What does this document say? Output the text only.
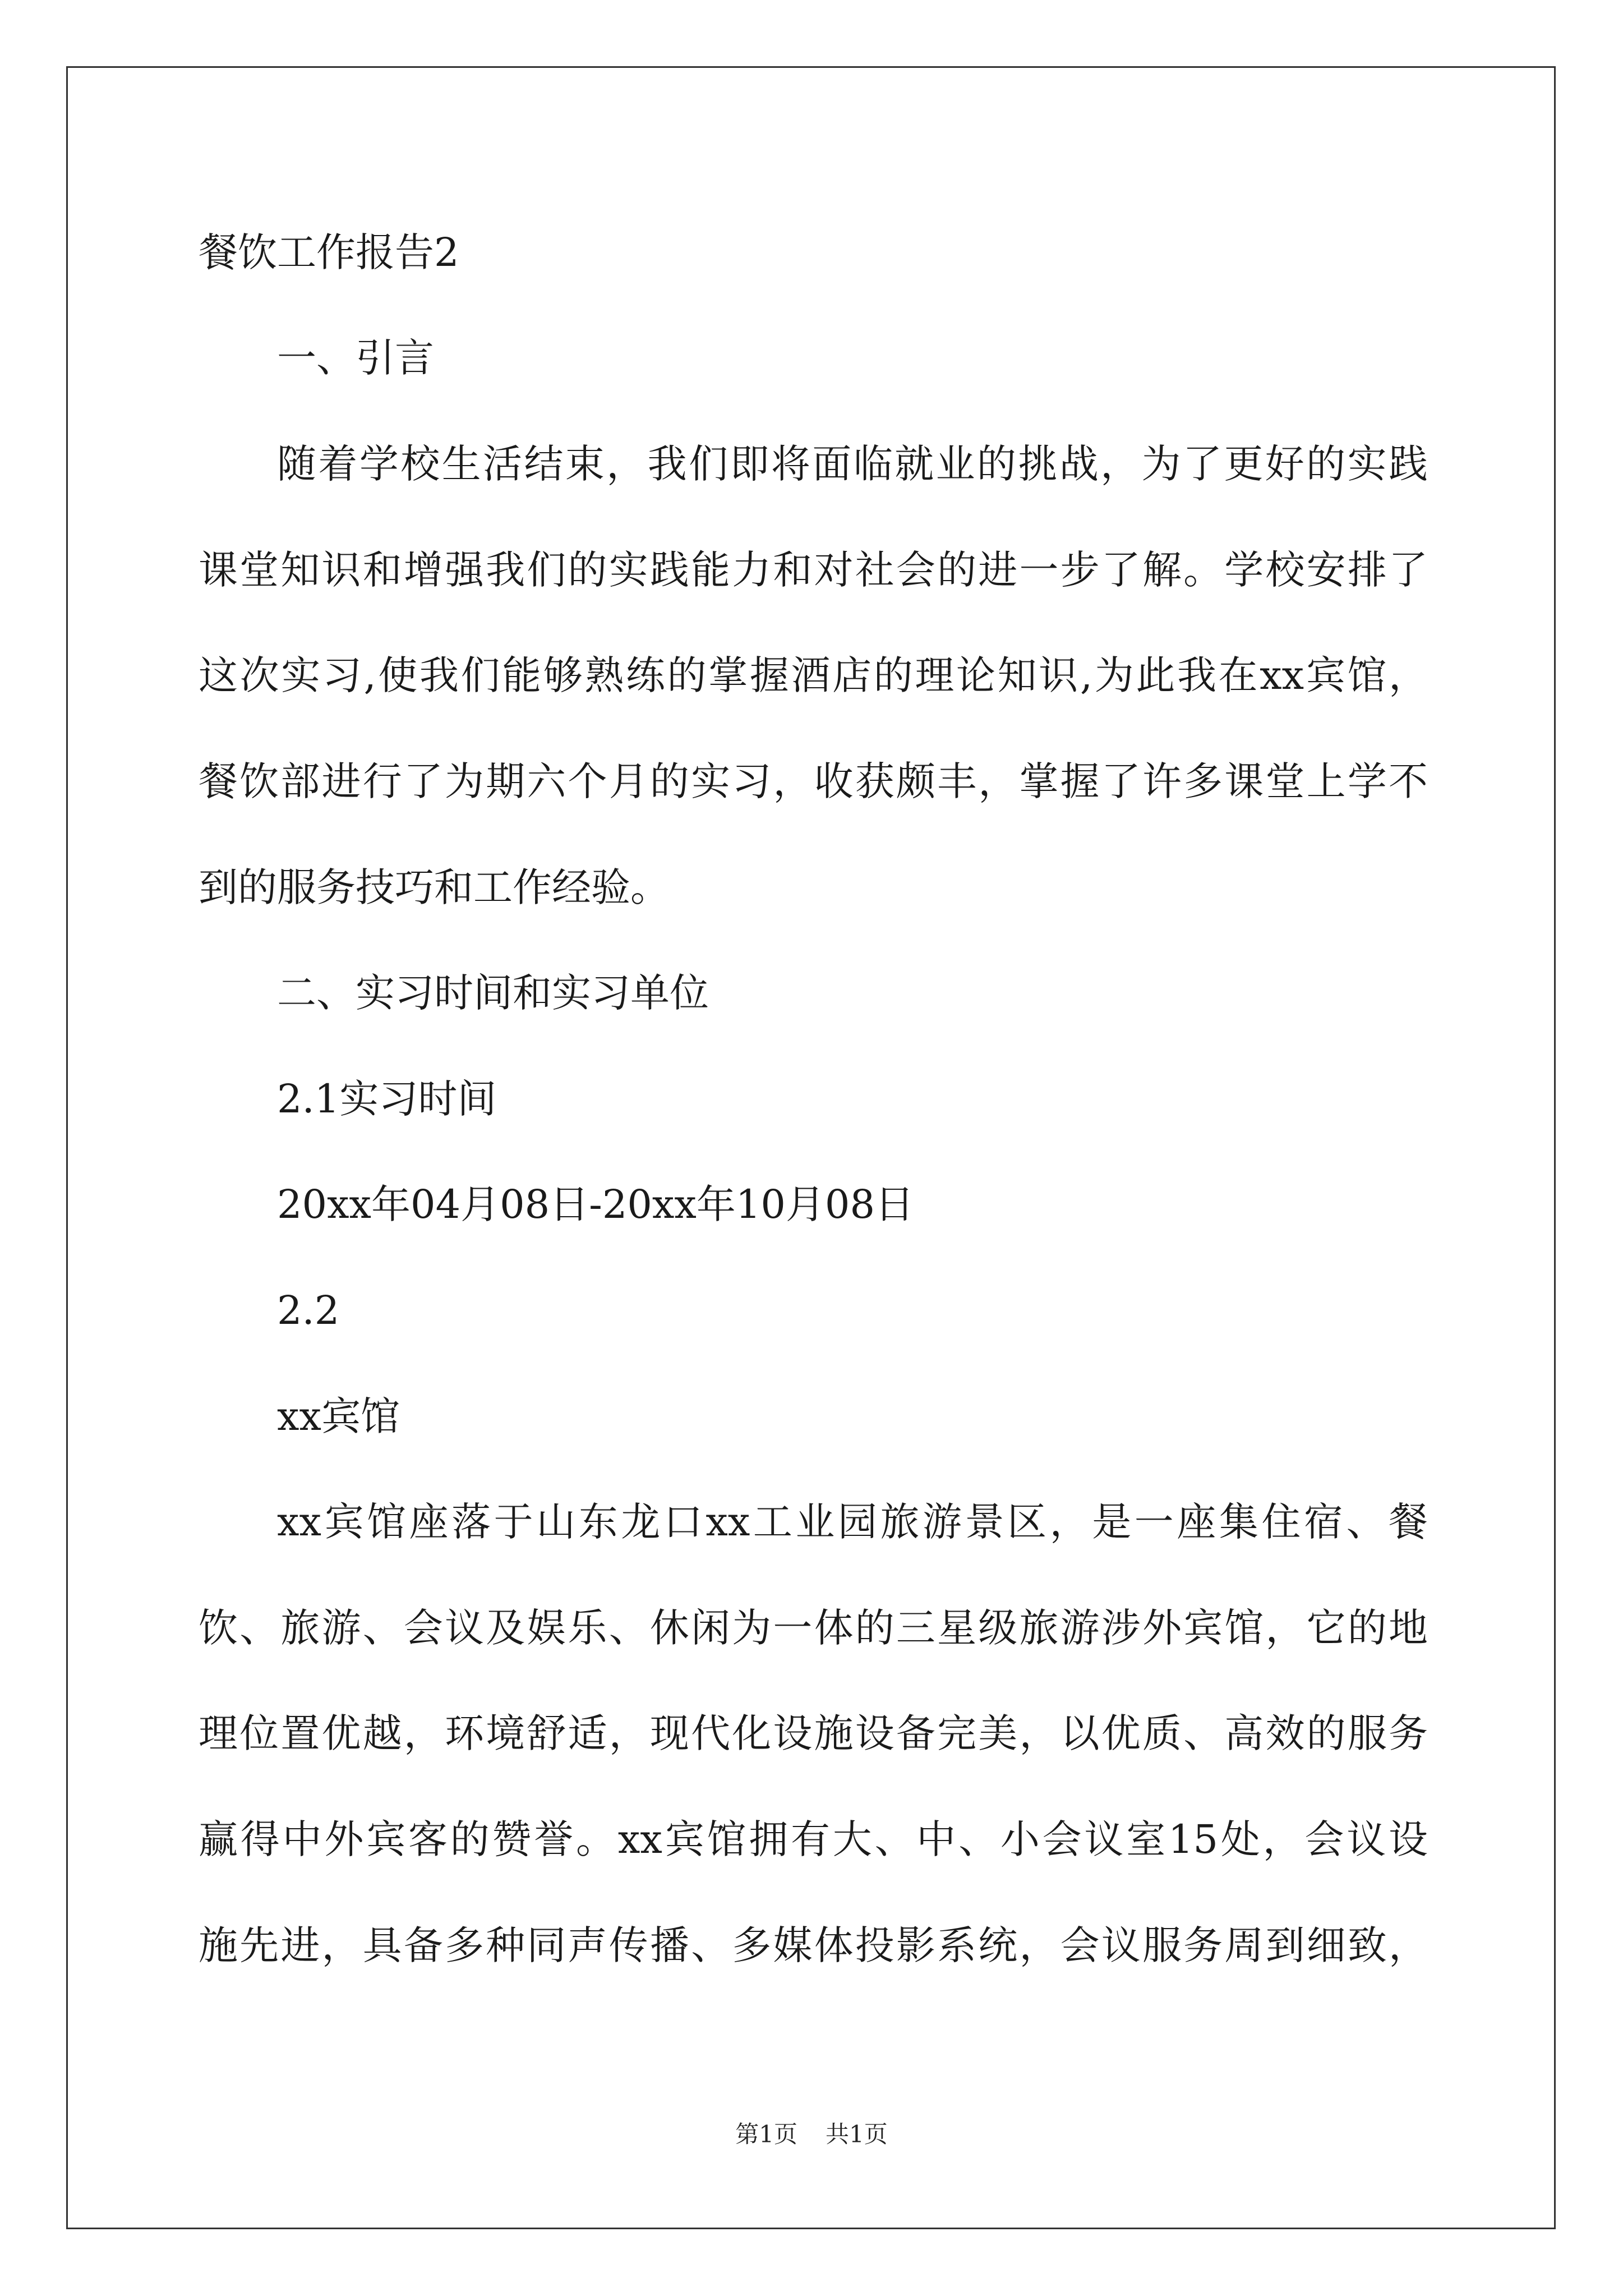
餐饮工作报告2
一、引言
随着学校生活结束，我们即将面临就业的挑战，为了更好的实践
课堂知识和增强我们的实践能力和对社会的进一步了解。学校安排了
这次实习,使我们能够熟练的掌握酒店的理论知识,为此我在xx宾馆，
餐饮部进行了为期六个月的实习，收获颇丰，掌握了许多课堂上学不
到的服务技巧和工作经验。
二、实习时间和实习单位
2.1实习时间
20xx年04月08日-20xx年10月08日
2.2
xx宾馆
xx宾馆座落于山东龙口xx工业园旅游景区，是一座集住宿、餐
饮、旅游、会议及娱乐、休闲为一体的三星级旅游涉外宾馆，它的地
理位置优越，环境舒适，现代化设施设备完美，以优质、高效的服务
赢得中外宾客的赞誉。xx宾馆拥有大、中、小会议室15处，会议设
施先进，具备多种同声传播、多媒体投影系统，会议服务周到细致，
第1页 共1页
